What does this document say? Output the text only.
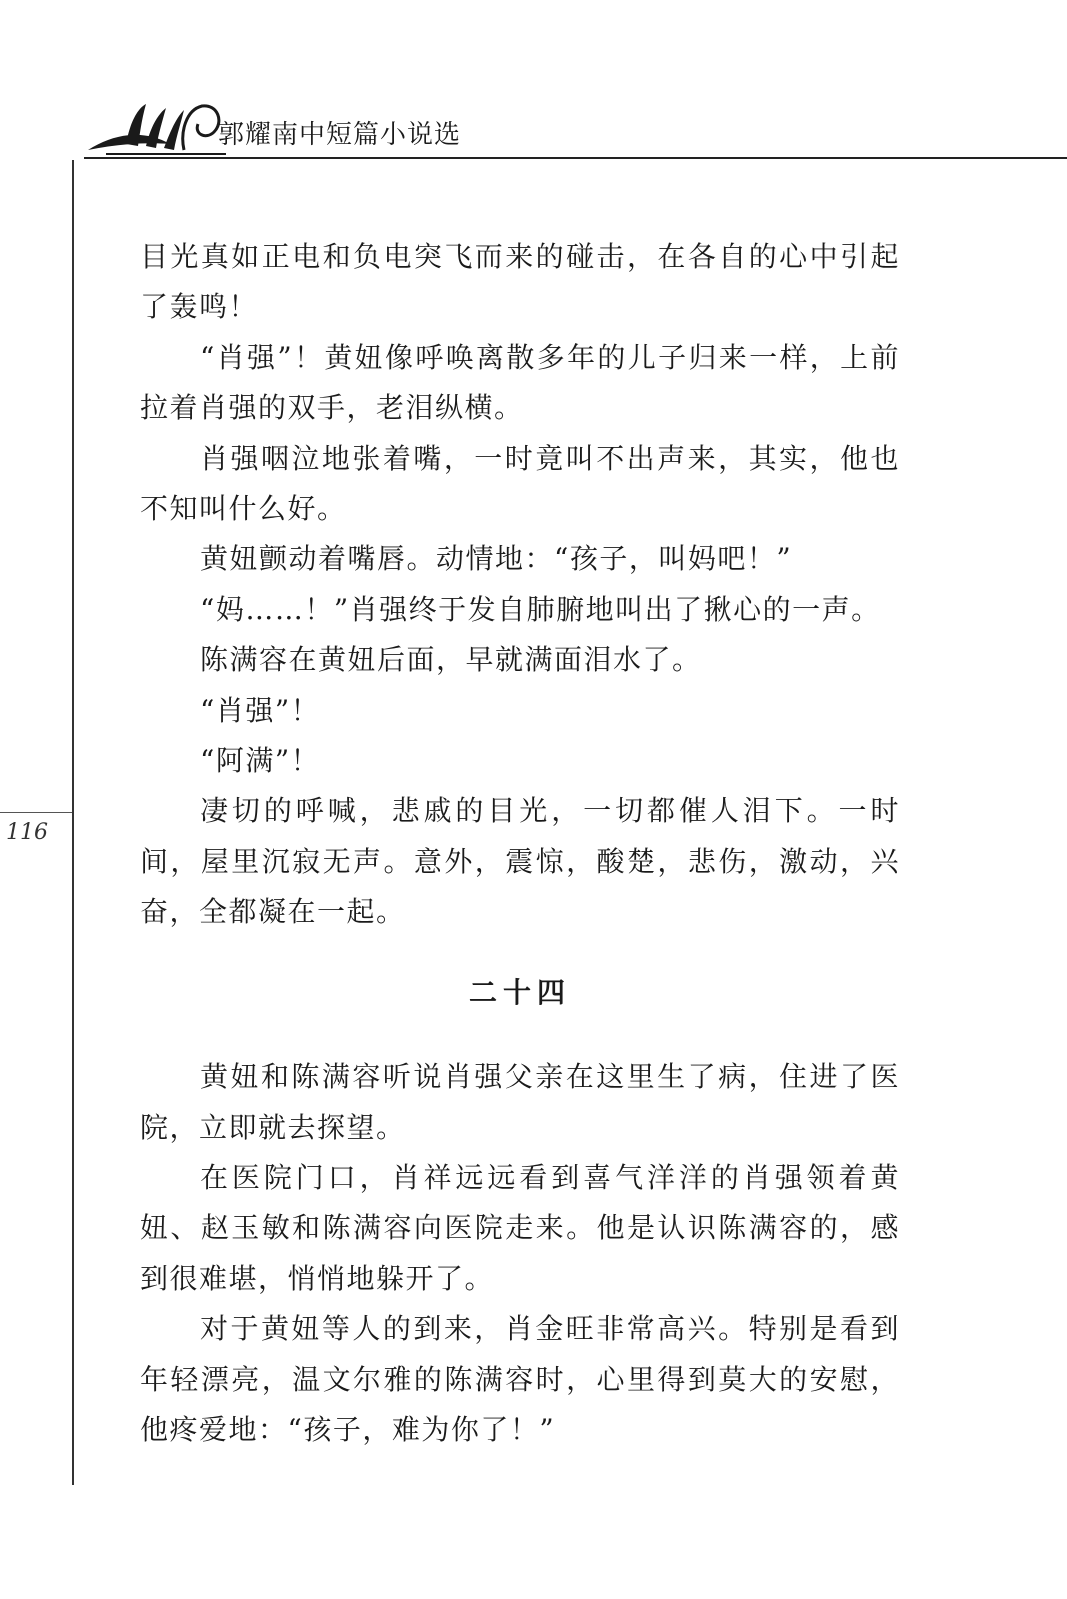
郭耀南中短篇小说选
116

目光真如正电和负电突飞而来的碰击，在各自的心中引起了轰鸣！

“肖强”！黄妞像呼唤离散多年的儿子归来一样，上前拉着肖强的双手，老泪纵横。

肖强咽泣地张着嘴，一时竟叫不出声来，其实，他也不知叫什么好。

黄妞颤动着嘴唇。动情地：“孩子，叫妈吧！”

“妈……！”肖强终于发自肺腑地叫出了揪心的一声。

陈满容在黄妞后面，早就满面泪水了。

“肖强”！

“阿满”！

凄切的呼喊，悲戚的目光，一切都催人泪下。一时间，屋里沉寂无声。意外，震惊，酸楚，悲伤，激动，兴奋，全都凝在一起。

二十四

黄妞和陈满容听说肖强父亲在这里生了病，住进了医院，立即就去探望。

在医院门口，肖祥远远看到喜气洋洋的肖强领着黄妞、赵玉敏和陈满容向医院走来。他是认识陈满容的，感到很难堪，悄悄地躲开了。

对于黄妞等人的到来，肖金旺非常高兴。特别是看到年轻漂亮，温文尔雅的陈满容时，心里得到莫大的安慰，他疼爱地：“孩子，难为你了！”
